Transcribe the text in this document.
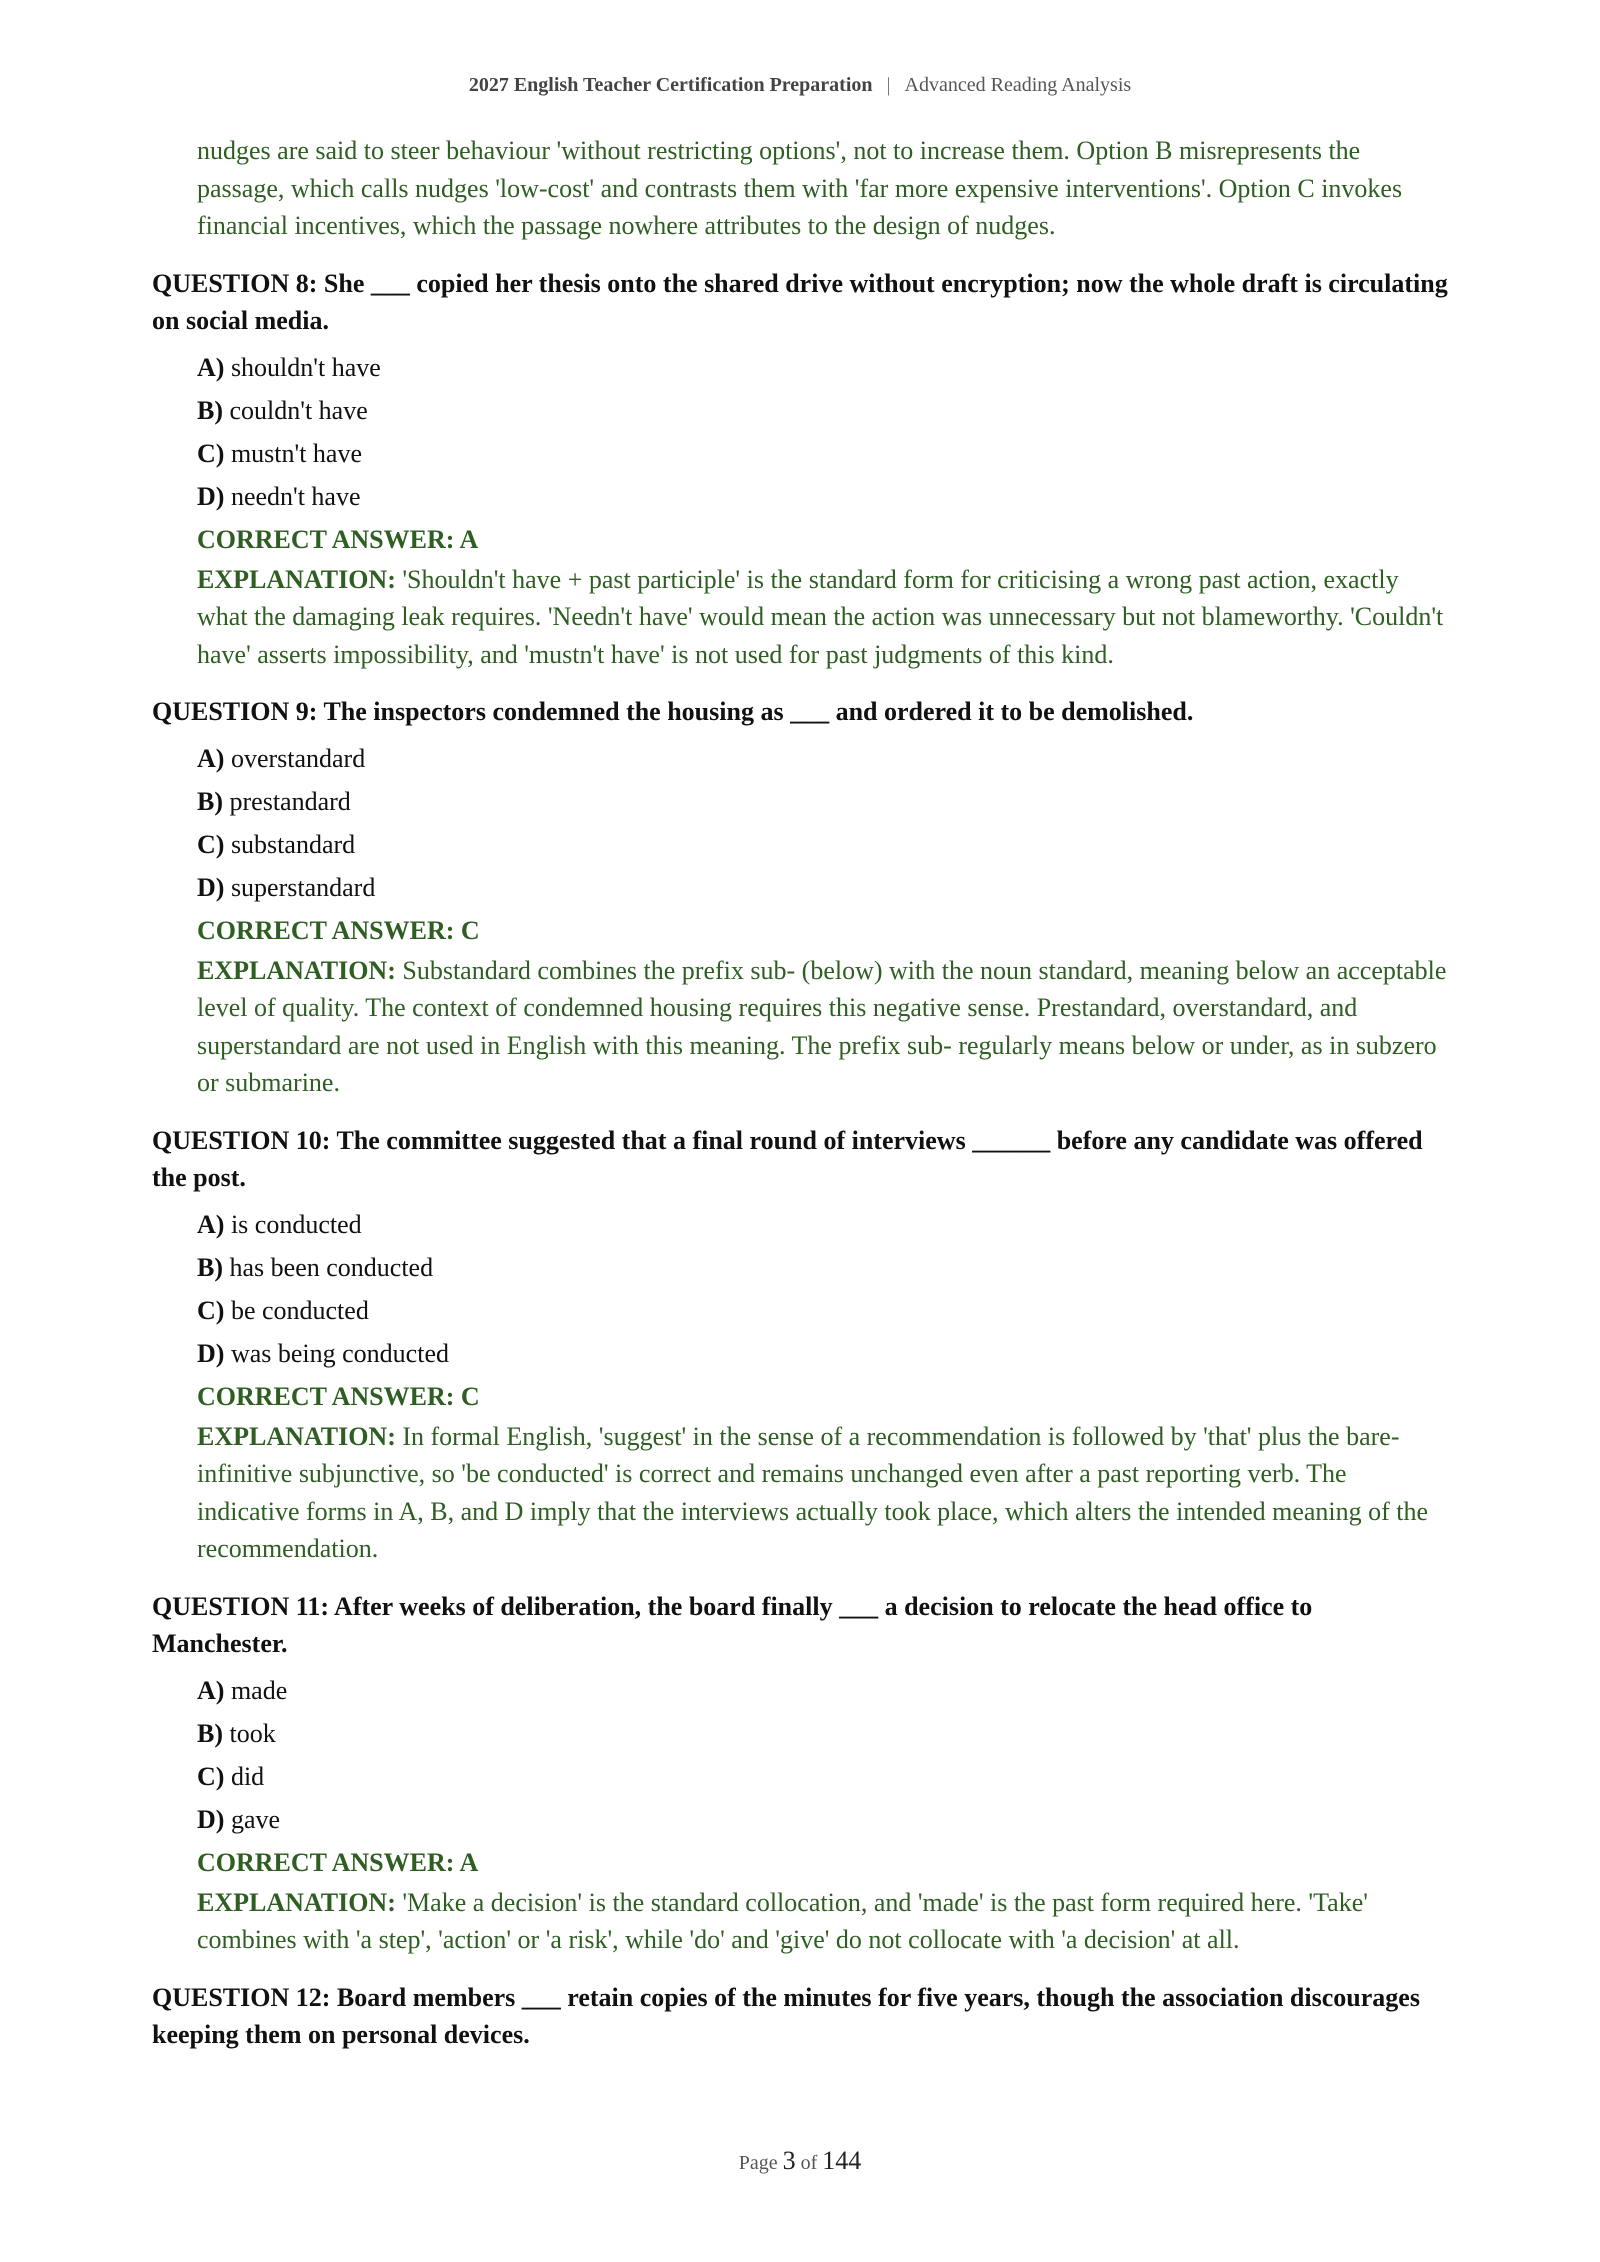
2027 English Teacher Certification Preparation | Advanced Reading Analysis

nudges are said to steer behaviour 'without restricting options', not to increase them. Option B misrepresents the passage, which calls nudges 'low-cost' and contrasts them with 'far more expensive interventions'. Option C invokes financial incentives, which the passage nowhere attributes to the design of nudges.

QUESTION 8: She ___ copied her thesis onto the shared drive without encryption; now the whole draft is circulating on social media.

A) shouldn't have
B) couldn't have
C) mustn't have
D) needn't have
CORRECT ANSWER: A

EXPLANATION: 'Shouldn't have + past participle' is the standard form for criticising a wrong past action, exactly what the damaging leak requires. 'Needn't have' would mean the action was unnecessary but not blameworthy. 'Couldn't have' asserts impossibility, and 'mustn't have' is not used for past judgments of this kind.

QUESTION 9: The inspectors condemned the housing as ___ and ordered it to be demolished.

A) overstandard
B) prestandard
C) substandard
D) superstandard
CORRECT ANSWER: C

EXPLANATION: Substandard combines the prefix sub- (below) with the noun standard, meaning below an acceptable level of quality. The context of condemned housing requires this negative sense. Prestandard, overstandard, and superstandard are not used in English with this meaning. The prefix sub- regularly means below or under, as in subzero or submarine.

QUESTION 10: The committee suggested that a final round of interviews ______ before any candidate was offered the post.

A) is conducted
B) has been conducted
C) be conducted
D) was being conducted
CORRECT ANSWER: C

EXPLANATION: In formal English, 'suggest' in the sense of a recommendation is followed by 'that' plus the bare-infinitive subjunctive, so 'be conducted' is correct and remains unchanged even after a past reporting verb. The indicative forms in A, B, and D imply that the interviews actually took place, which alters the intended meaning of the recommendation.

QUESTION 11: After weeks of deliberation, the board finally ___ a decision to relocate the head office to Manchester.

A) made
B) took
C) did
D) gave
CORRECT ANSWER: A

EXPLANATION: 'Make a decision' is the standard collocation, and 'made' is the past form required here. 'Take' combines with 'a step', 'action' or 'a risk', while 'do' and 'give' do not collocate with 'a decision' at all.

QUESTION 12: Board members ___ retain copies of the minutes for five years, though the association discourages keeping them on personal devices.

Page 3 of 144
